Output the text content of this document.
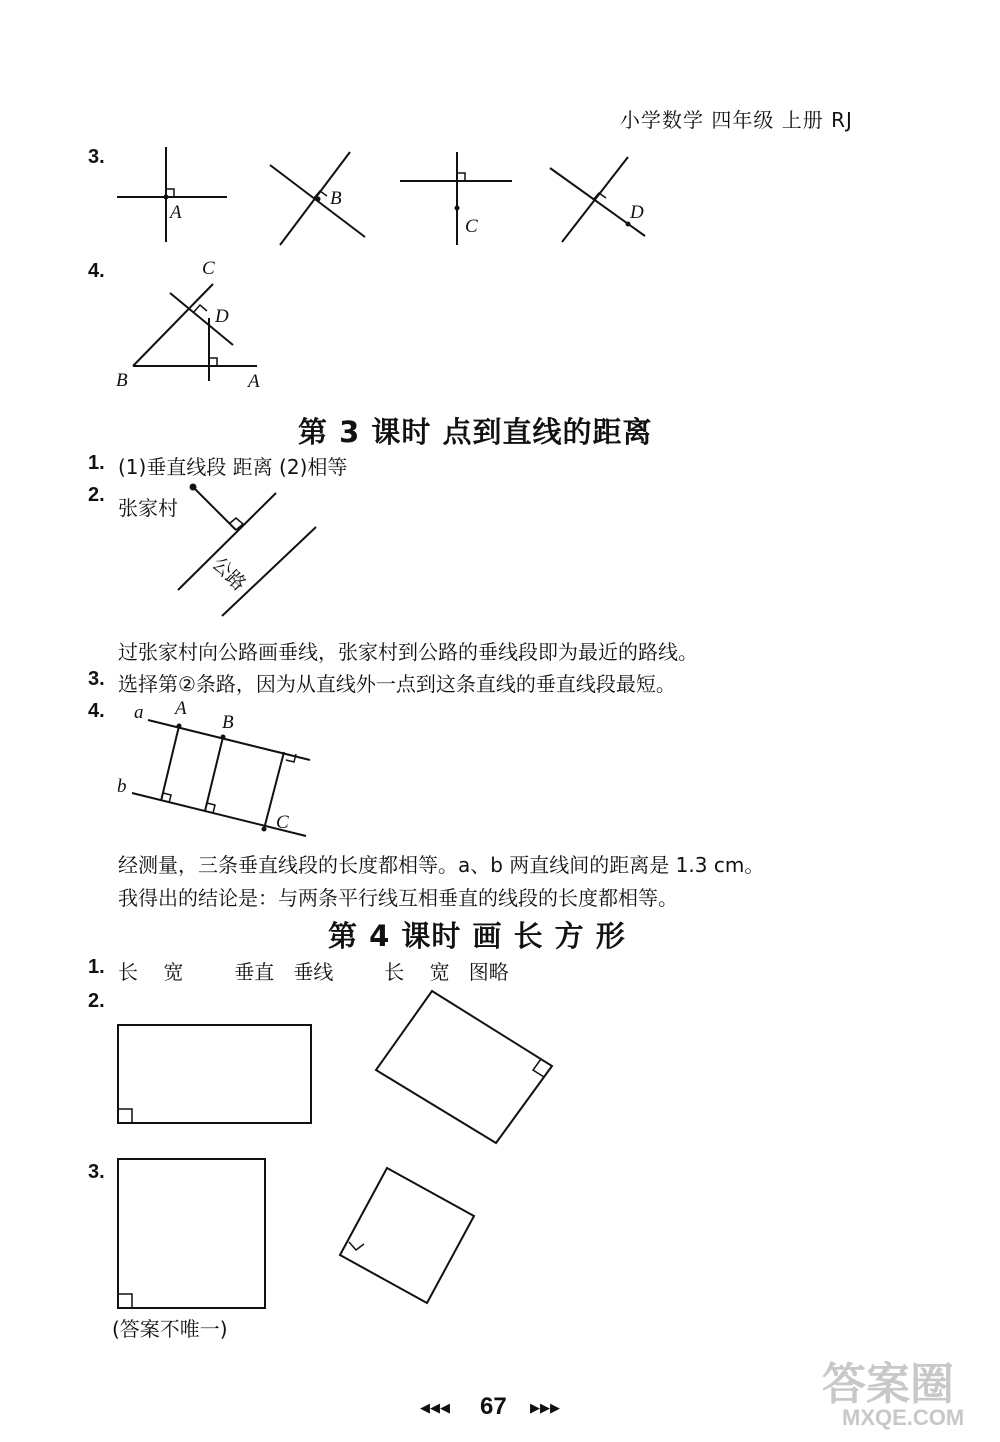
小学数学 四年级 上册 RJ
3.
A
B
C
D
4.	C
D
B	A
第 3 课时 点到直线的距离
1. (1)垂直线段 距离 (2)相等
2.
张家村
公路
过张家村向公路画垂线，张家村到公路的垂线段即为最近的路线。
3. 选择第②条路，因为从直线外一点到这条直线的垂直线段最短。
4. a A
B
b
C
经测量，三条垂直线段的长度都相等。a、b 两直线间的距离是 1.3 cm。
我得出的结论是：与两条平行线互相垂直的线段的长度都相等。
第 4 课时 画 长 方 形
1. 长    宽        垂直   垂线        长    宽   图略
2.
3.
(答案不唯一)
◀◀◀ 67 ▶▶▶	答案圈
MXQE.COM
